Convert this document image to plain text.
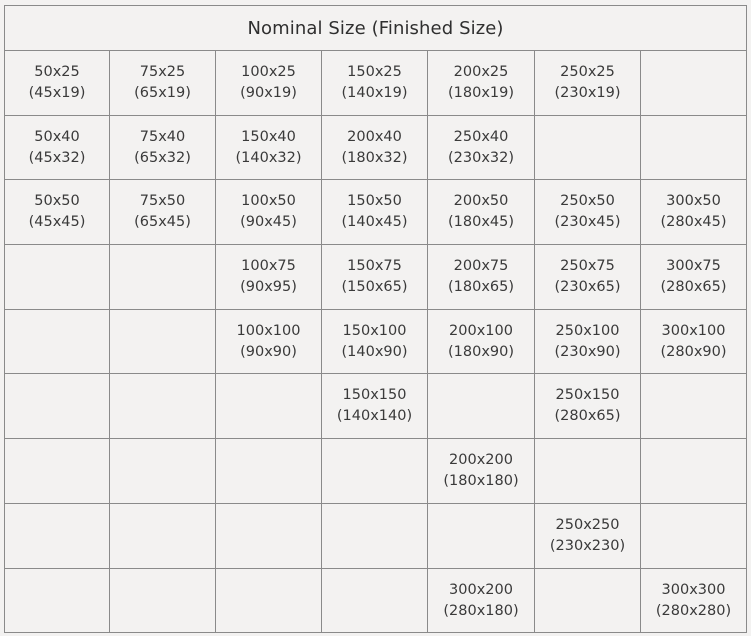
Nominal Size (Finished Size)
50x25
(45x19)
75x25
(65x19)
100x25
(90x19)
150x25
(140x19)
200x25
(180x19)
250x25
(230x19)
50x40
(45x32)
75x40
(65x32)
150x40
(140x32)
200x40
(180x32)
250x40
(230x32)
50x50
(45x45)
75x50
(65x45)
100x50
(90x45)
150x50
(140x45)
200x50
(180x45)
250x50
(230x45)
300x50
(280x45)
100x75
(90x95)
150x75
(150x65)
200x75
(180x65)
250x75
(230x65)
300x75
(280x65)
100x100
(90x90)
150x100
(140x90)
200x100
(180x90)
250x100
(230x90)
300x100
(280x90)
150x150
(140x140)
250x150
(280x65)
200x200
(180x180)
250x250
(230x230)
300x200
(280x180)
300x300
(280x280)
